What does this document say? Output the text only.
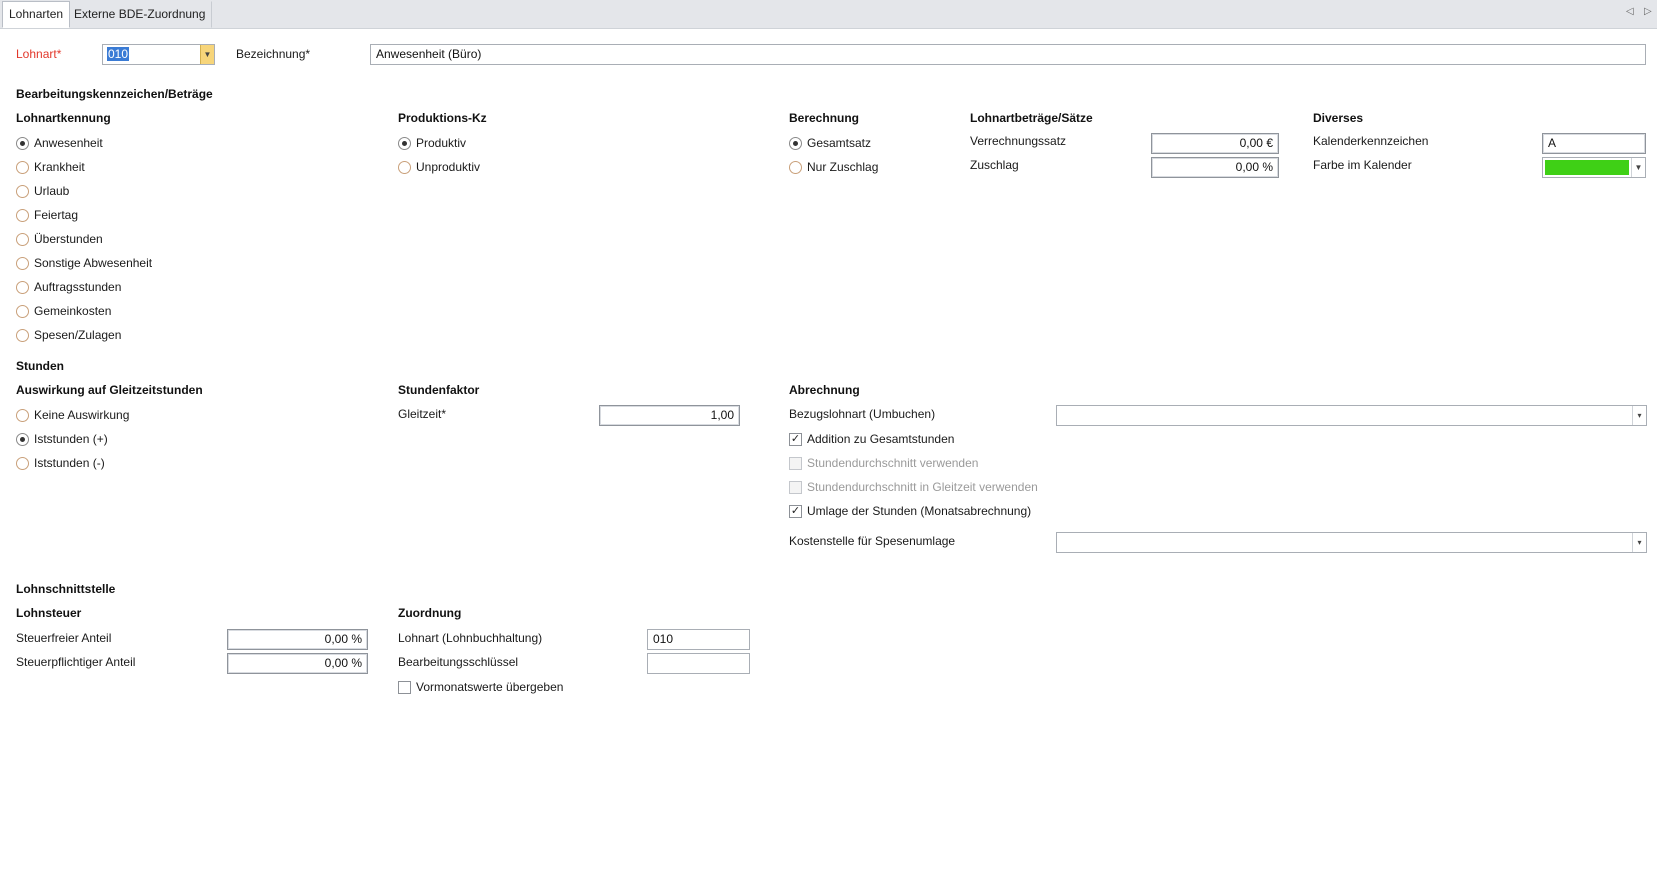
Lohnarten Externe BDE-Zuordnung	◁ ▷
Lohnart*	010	▼ Bezeichnung*	Anwesenheit (Büro)
Bearbeitungskennzeichen/Beträge
Lohnartkennung
Anwesenheit
Krankheit
Urlaub
Feiertag
Überstunden
Sonstige Abwesenheit
Auftragsstunden
Gemeinkosten
Spesen/Zulagen
Produktions-Kz
Produktiv
Unproduktiv
Berechnung
Gesamtsatz
Nur Zuschlag
Lohnartbeträge/Sätze
Verrechnungssatz	0,00 €
Zuschlag	0,00 %
Diverses
Kalenderkennzeichen	A
Farbe im Kalender	▼
Stunden
Auswirkung auf Gleitzeitstunden
Keine Auswirkung
Iststunden (+)
Iststunden (-)
Stundenfaktor
Gleitzeit*	1,00
Abrechnung
Bezugslohnart (Umbuchen)	▾
✓ Addition zu Gesamtstunden
Stundendurchschnitt verwenden
Stundendurchschnitt in Gleitzeit verwenden
✓ Umlage der Stunden (Monatsabrechnung)
Kostenstelle für Spesenumlage	▾
Lohnschnittstelle
Lohnsteuer
Steuerfreier Anteil	0,00 %
Steuerpflichtiger Anteil	0,00 %
Zuordnung
Lohnart (Lohnbuchhaltung)	010
Bearbeitungsschlüssel
Vormonatswerte übergeben
